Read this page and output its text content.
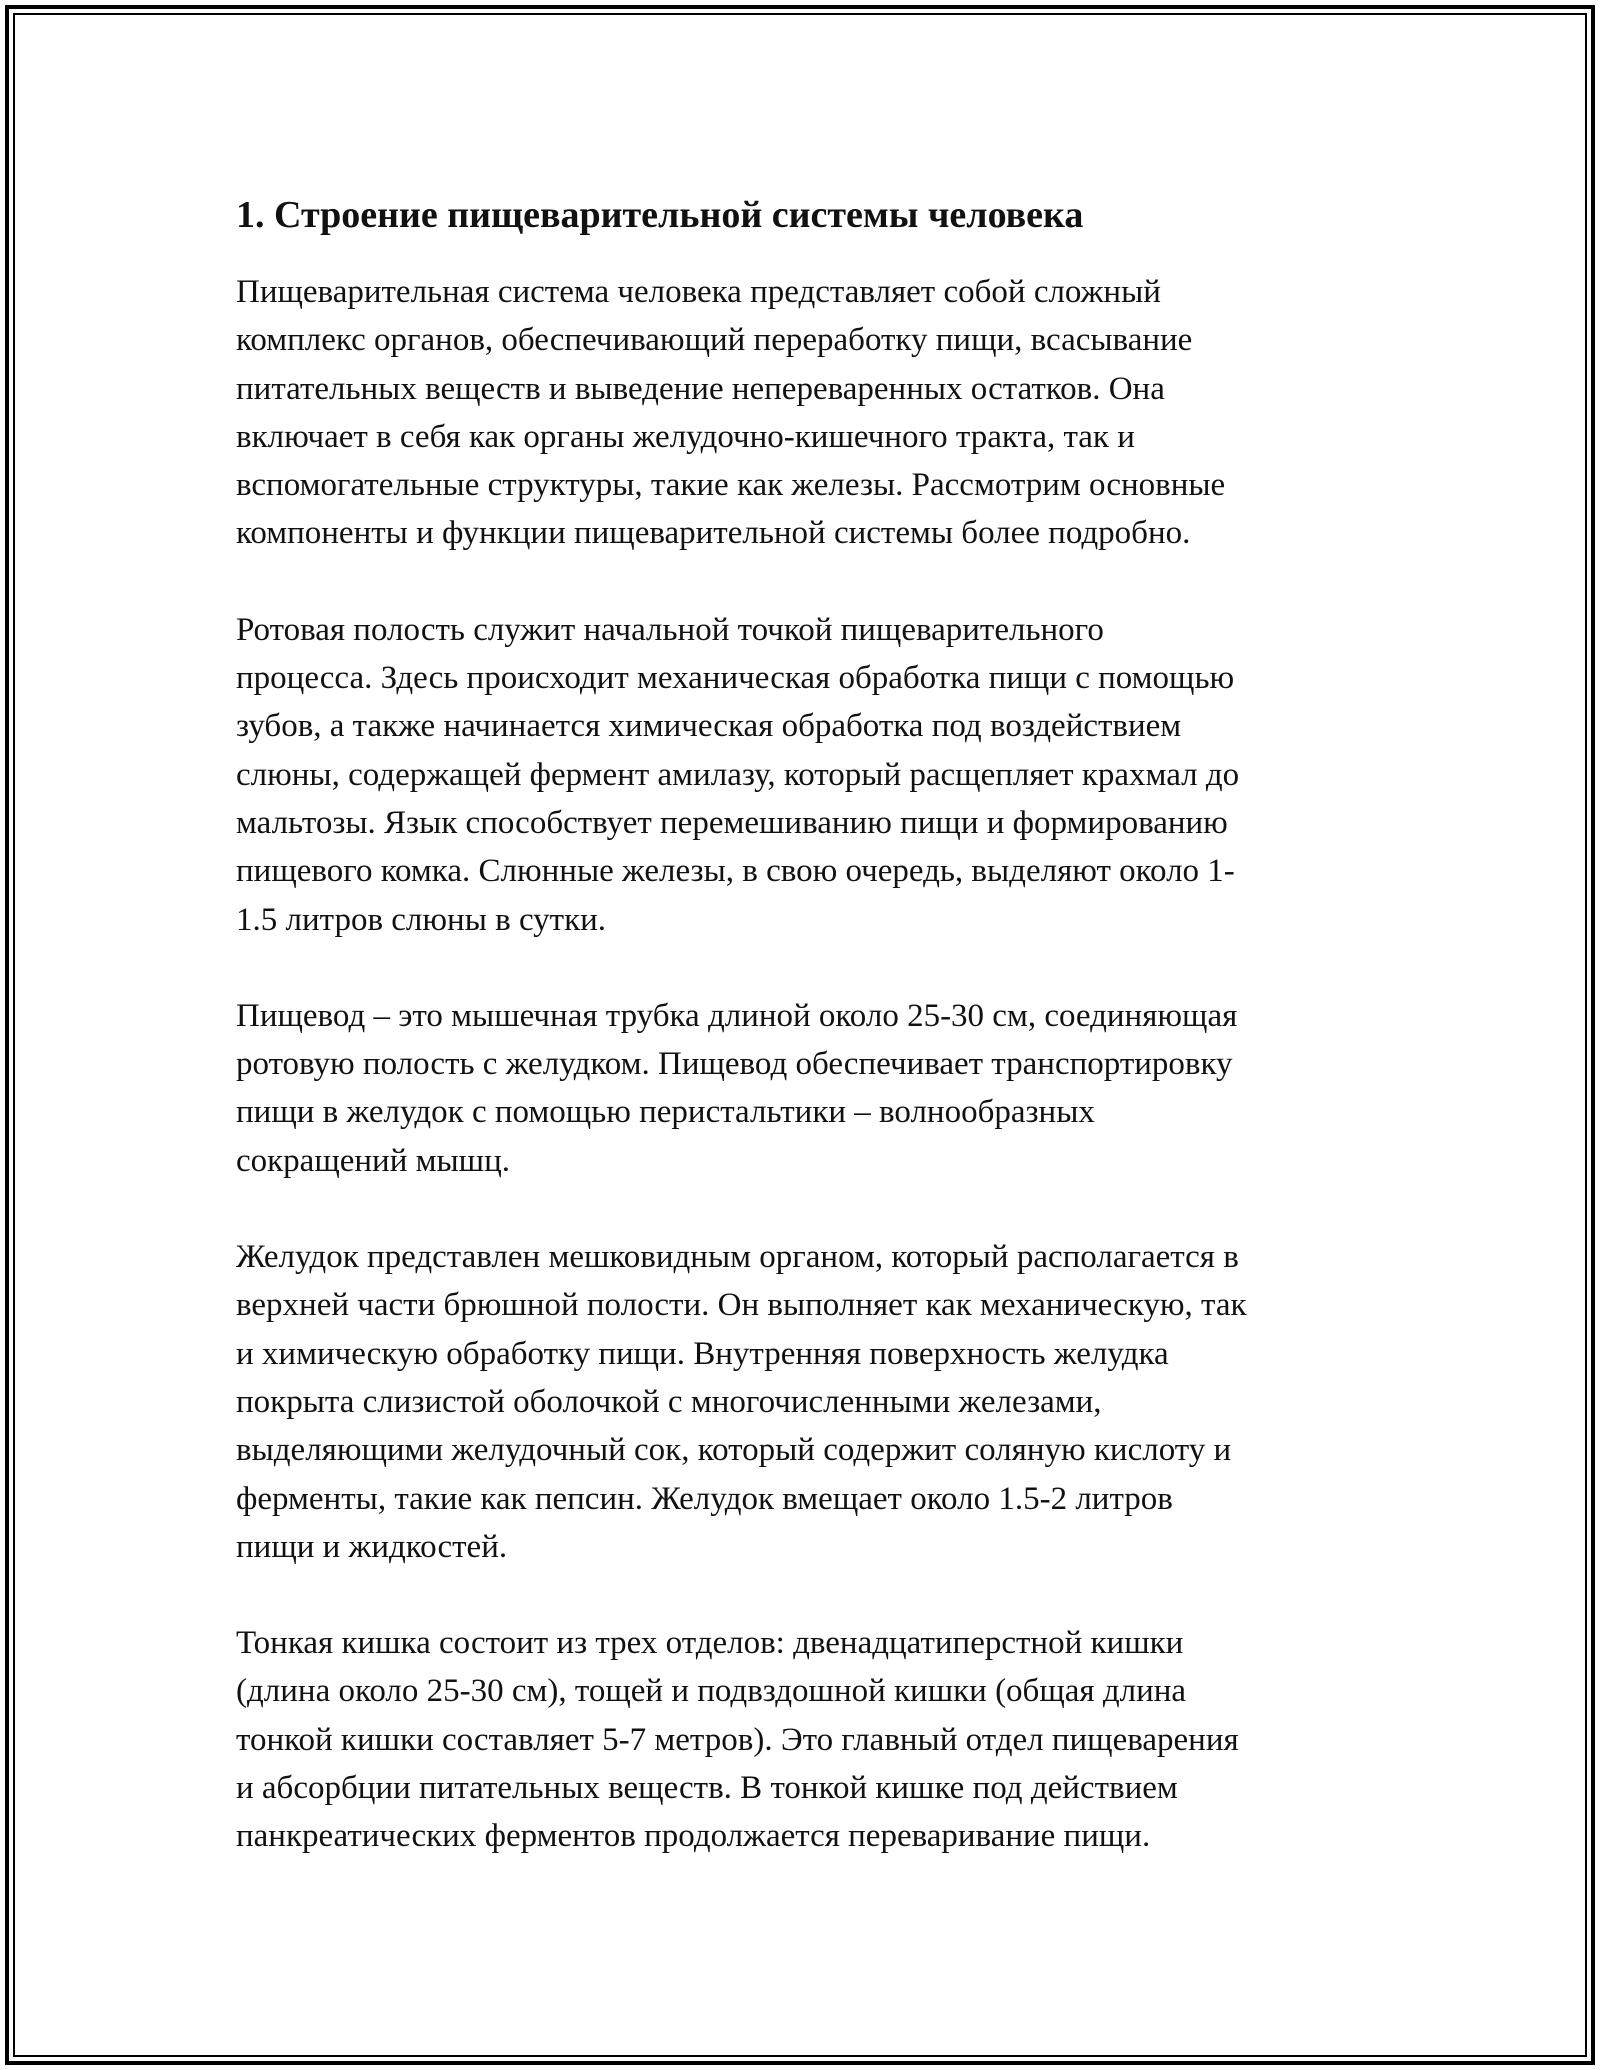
1. Строение пищеварительной системы человека

Пищеварительная система человека представляет собой сложный
комплекс органов, обеспечивающий переработку пищи, всасывание
питательных веществ и выведение непереваренных остатков. Она
включает в себя как органы желудочно-кишечного тракта, так и
вспомогательные структуры, такие как железы. Рассмотрим основные
компоненты и функции пищеварительной системы более подробно.

Ротовая полость служит начальной точкой пищеварительного
процесса. Здесь происходит механическая обработка пищи с помощью
зубов, а также начинается химическая обработка под воздействием
слюны, содержащей фермент амилазу, который расщепляет крахмал до
мальтозы. Язык способствует перемешиванию пищи и формированию
пищевого комка. Слюнные железы, в свою очередь, выделяют около 1-
1.5 литров слюны в сутки.

Пищевод – это мышечная трубка длиной около 25-30 см, соединяющая
ротовую полость с желудком. Пищевод обеспечивает транспортировку
пищи в желудок с помощью перистальтики – волнообразных
сокращений мышц.

Желудок представлен мешковидным органом, который располагается в
верхней части брюшной полости. Он выполняет как механическую, так
и химическую обработку пищи. Внутренняя поверхность желудка
покрыта слизистой оболочкой с многочисленными железами,
выделяющими желудочный сок, который содержит соляную кислоту и
ферменты, такие как пепсин. Желудок вмещает около 1.5-2 литров
пищи и жидкостей.

Тонкая кишка состоит из трех отделов: двенадцатиперстной кишки
(длина около 25-30 см), тощей и подвздошной кишки (общая длина
тонкой кишки составляет 5-7 метров). Это главный отдел пищеварения
и абсорбции питательных веществ. В тонкой кишке под действием
панкреатических ферментов продолжается переваривание пищи.
